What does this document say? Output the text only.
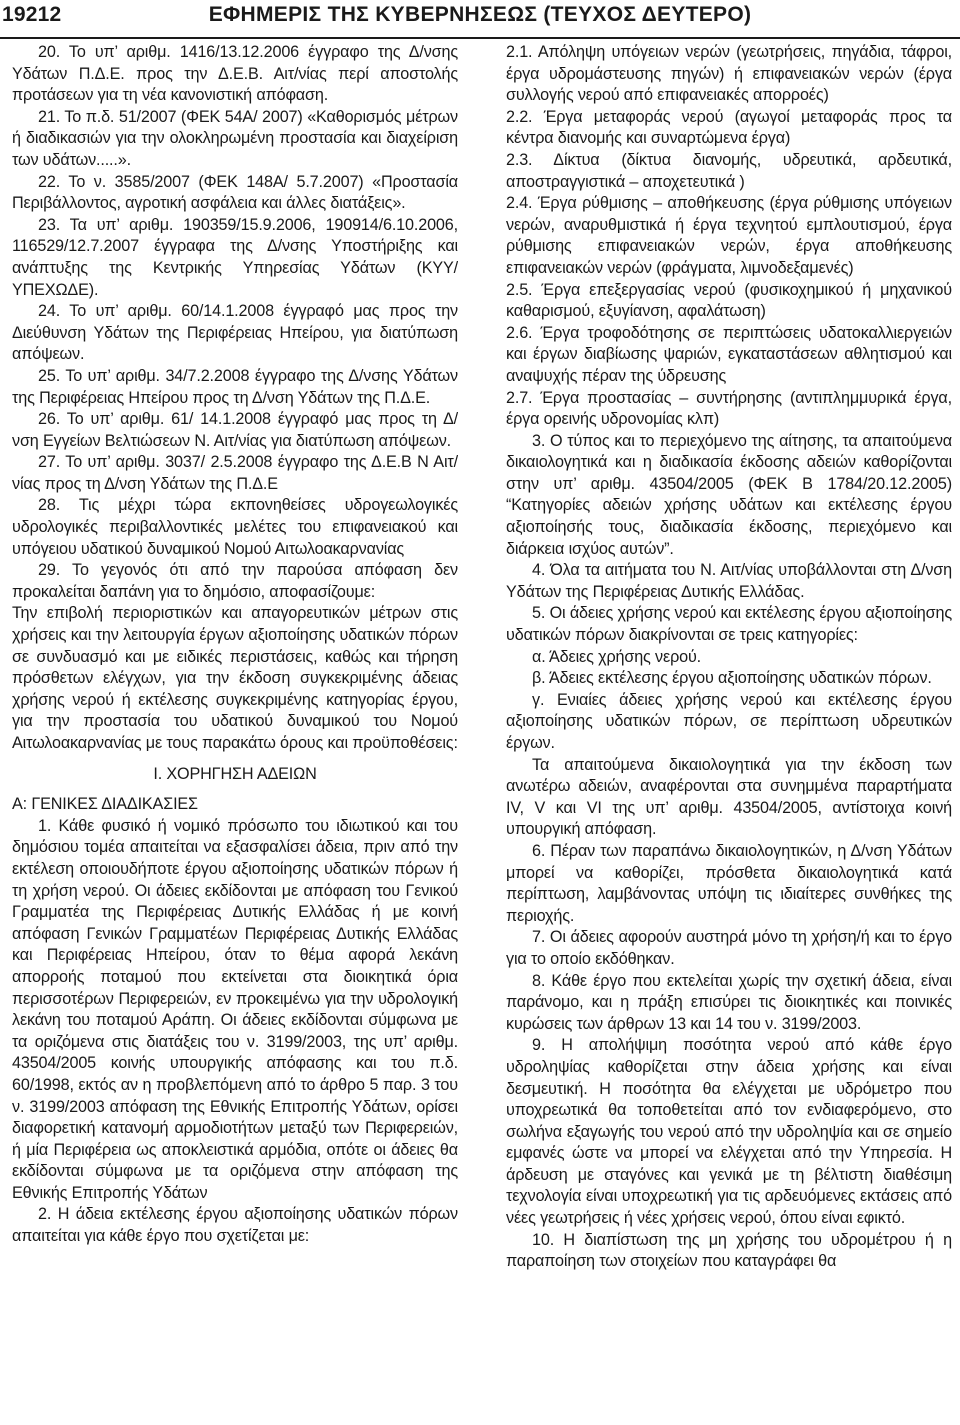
19212	ΕΦΗΜΕΡΙΣ ΤΗΣ ΚΥΒΕΡΝΗΣΕΩΣ (ΤΕΥΧΟΣ ΔΕΥΤΕΡΟ)

20. Το υπ’ αριθμ. 1416/13.12.2006 έγγραφο της Δ/νσης Υδάτων Π.Δ.Ε. προς την Δ.Ε.Β. Αιτ/νίας περί αποστολής προτάσεων για τη νέα κανονιστική απόφαση.

21. Το π.δ. 51/2007 (ΦΕΚ 54Α/ 2007) «Καθορισμός μέτρων ή διαδικασιών για την ολοκληρωμένη προστασία και διαχείριση των υδάτων.....».

22. Το ν. 3585/2007 (ΦΕΚ 148Α/ 5.7.2007) «Προστασία Περιβάλλοντος, αγροτική ασφάλεια και άλλες διατάξεις».

23. Τα υπ’ αριθμ. 190359/15.9.2006, 190914/6.10.2006, 116529/12.7.2007 έγγραφα της Δ/νσης Υποστήριξης και ανάπτυξης της Κεντρικής Υπηρεσίας Υδάτων (ΚΥΥ/ΥΠΕΧΩΔΕ).

24. Το υπ’ αριθμ. 60/14.1.2008 έγγραφό μας προς την Διεύθυνση Υδάτων της Περιφέρειας Ηπείρου, για διατύπωση απόψεων.

25. Το υπ’ αριθμ. 34/7.2.2008 έγγραφο της Δ/νσης Υδάτων της Περιφέρειας Ηπείρου προς τη Δ/νση Υδάτων της Π.Δ.Ε.

26. Το υπ’ αριθμ. 61/ 14.1.2008 έγγραφό μας προς τη Δ/νση Εγγείων Βελτιώσεων Ν. Αιτ/νίας για διατύπωση απόψεων.

27. Το υπ’ αριθμ. 3037/ 2.5.2008 έγγραφο της Δ.Ε.Β Ν Αιτ/νίας προς τη Δ/νση Υδάτων της Π.Δ.Ε

28. Τις μέχρι τώρα εκπονηθείσες υδρογεωλογικές υδρολογικές περιβαλλοντικές μελέτες του επιφανειακού και υπόγειου υδατικού δυναμικού Νομού Αιτωλοακαρνανίας

29. Το γεγονός ότι από την παρούσα απόφαση δεν προκαλείται δαπάνη για το δημόσιο, αποφασίζουμε:

Την επιβολή περιοριστικών και απαγορευτικών μέτρων στις χρήσεις και την λειτουργία έργων αξιοποίησης υδατικών πόρων σε συνδυασμό και με ειδικές περιστάσεις, καθώς και τήρηση πρόσθετων ελέγχων, για την έκδοση συγκεκριμένης άδειας χρήσης νερού ή εκτέλεσης συγκεκριμένης κατηγορίας έργου, για την προστασία του υδατικού δυναμικού του Νομού Αιτωλοακαρνανίας με τους παρακάτω όρους και προϋποθέσεις:

Ι. ΧΟΡΗΓΗΣΗ ΑΔΕΙΩΝ

Α: ΓΕΝΙΚΕΣ ΔΙΑΔΙΚΑΣΙΕΣ

1. Κάθε φυσικό ή νομικό πρόσωπο του ιδιωτικού και του δημόσιου τομέα απαιτείται να εξασφαλίσει άδεια, πριν από την εκτέλεση οποιουδήποτε έργου αξιοποίησης υδατικών πόρων ή τη χρήση νερού. Οι άδειες εκδίδονται με απόφαση του Γενικού Γραμματέα της Περιφέρειας Δυτικής Ελλάδας ή με κοινή απόφαση Γενικών Γραμματέων Περιφέρειας Δυτικής Ελλάδας και Περιφέρειας Ηπείρου, όταν το θέμα αφορά λεκάνη απορροής ποταμού που εκτείνεται στα διοικητικά όρια περισσοτέρων Περιφερειών, εν προκειμένω για την υδρολογική λεκάνη του ποταμού Αράπη. Οι άδειες εκδίδονται σύμφωνα με τα οριζόμενα στις διατάξεις του ν. 3199/2003, της υπ’ αριθμ. 43504/2005 κοινής υπουργικής απόφασης και του π.δ. 60/1998, εκτός αν η προβλεπόμενη από το άρθρο 5 παρ. 3 του ν. 3199/2003 απόφαση της Εθνικής Επιτροπής Υδάτων, ορίσει διαφορετική κατανομή αρμοδιοτήτων μεταξύ των Περιφερειών, ή μία Περιφέρεια ως αποκλειστικά αρμόδια, οπότε οι άδειες θα εκδίδονται σύμφωνα με τα οριζόμενα στην απόφαση της Εθνικής Επιτροπής Υδάτων

2. Η άδεια εκτέλεσης έργου αξιοποίησης υδατικών πόρων απαιτείται για κάθε έργο που σχετίζεται με:

2.1. Απόληψη υπόγειων νερών (γεωτρήσεις, πηγάδια, τάφροι, έργα υδρομάστευσης πηγών) ή επιφανειακών νερών (έργα συλλογής νερού από επιφανειακές απορροές)

2.2. Έργα μεταφοράς νερού (αγωγοί μεταφοράς προς τα κέντρα διανομής και συναρτώμενα έργα)

2.3. Δίκτυα (δίκτυα διανομής, υδρευτικά, αρδευτικά, αποστραγγιστικά – αποχετευτικά )

2.4. Έργα ρύθμισης – αποθήκευσης (έργα ρύθμισης υπόγειων νερών, αναρυθμιστικά ή έργα τεχνητού εμπλουτισμού, έργα ρύθμισης επιφανειακών νερών, έργα αποθήκευσης επιφανειακών νερών (φράγματα, λιμνοδεξαμενές)

2.5. Έργα επεξεργασίας νερού (φυσικοχημικού ή μηχανικού καθαρισμού, εξυγίανση, αφαλάτωση)

2.6. Έργα τροφοδότησης σε περιπτώσεις υδατοκαλλιεργειών και έργων διαβίωσης ψαριών, εγκαταστάσεων αθλητισμού και αναψυχής πέραν της ύδρευσης

2.7. Έργα προστασίας – συντήρησης (αντιπλημμυρικά έργα, έργα ορεινής υδρονομίας κλπ)

3. Ο τύπος και το περιεχόμενο της αίτησης, τα απαιτούμενα δικαιολογητικά και η διαδικασία έκδοσης αδειών καθορίζονται στην υπ’ αριθμ. 43504/2005 (ΦΕΚ Β 1784/20.12.2005) “Κατηγορίες αδειών χρήσης υδάτων και εκτέλεσης έργου αξιοποίησής τους, διαδικασία έκδοσης, περιεχόμενο και διάρκεια ισχύος αυτών”.

4. Όλα τα αιτήματα του Ν. Αιτ/νίας υποβάλλονται στη Δ/νση Υδάτων της Περιφέρειας Δυτικής Ελλάδας.

5. Οι άδειες χρήσης νερού και εκτέλεσης έργου αξιοποίησης υδατικών πόρων διακρίνονται σε τρεις κατηγορίες:

α. Άδειες χρήσης νερού.

β. Άδειες εκτέλεσης έργου αξιοποίησης υδατικών πόρων.

γ. Ενιαίες άδειες χρήσης νερού και εκτέλεσης έργου αξιοποίησης υδατικών πόρων, σε περίπτωση υδρευτικών έργων.

Τα απαιτούμενα δικαιολογητικά για την έκδοση των ανωτέρω αδειών, αναφέρονται στα συνημμένα παραρτήματα IV, V και VI της υπ’ αριθμ. 43504/2005, αντίστοιχα κοινή υπουργική απόφαση.

6. Πέραν των παραπάνω δικαιολογητικών, η Δ/νση Υδάτων μπορεί να καθορίζει, πρόσθετα δικαιολογητικά κατά περίπτωση, λαμβάνοντας υπόψη τις ιδιαίτερες συνθήκες της περιοχής.

7. Οι άδειες αφορούν αυστηρά μόνο τη χρήση/ή και το έργο για το οποίο εκδόθηκαν.

8. Κάθε έργο που εκτελείται χωρίς την σχετική άδεια, είναι παράνομο, και η πράξη επισύρει τις διοικητικές και ποινικές κυρώσεις των άρθρων 13 και 14 του ν. 3199/2003.

9. Η απολήψιμη ποσότητα νερού από κάθε έργο υδροληψίας καθορίζεται στην άδεια χρήσης και είναι δεσμευτική. Η ποσότητα θα ελέγχεται με υδρόμετρο που υποχρεωτικά θα τοποθετείται από τον ενδιαφερόμενο, στο σωλήνα εξαγωγής του νερού από την υδροληψία και σε σημείο εμφανές ώστε να μπορεί να ελέγχεται από την Υπηρεσία. Η άρδευση με σταγόνες και γενικά με τη βέλτιστη διαθέσιμη τεχνολογία είναι υποχρεωτική για τις αρδευόμενες εκτάσεις από νέες γεωτρήσεις ή νέες χρήσεις νερού, όπου είναι εφικτό.

10. Η διαπίστωση της μη χρήσης του υδρομέτρου ή η παραποίηση των στοιχείων που καταγράφει θα
